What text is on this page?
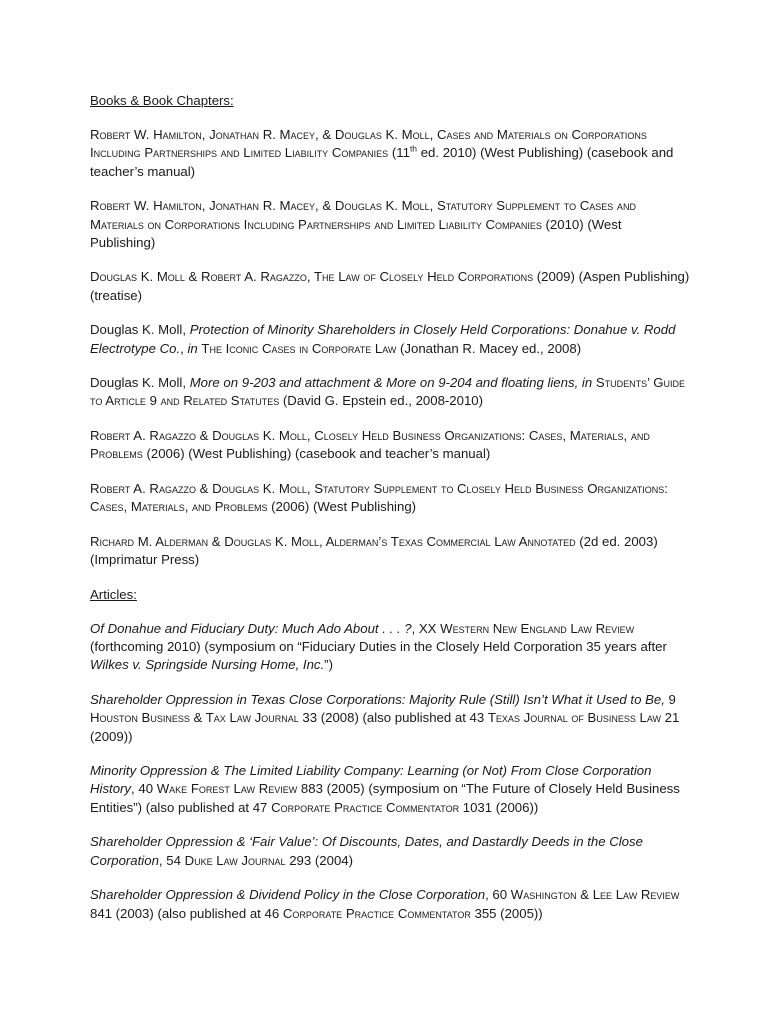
Books & Book Chapters:

Robert W. Hamilton, Jonathan R. Macey, & Douglas K. Moll, Cases and Materials on Corporations Including Partnerships and Limited Liability Companies (11th ed. 2010) (West Publishing) (casebook and teacher’s manual)

Robert W. Hamilton, Jonathan R. Macey, & Douglas K. Moll, Statutory Supplement to Cases and Materials on Corporations Including Partnerships and Limited Liability Companies (2010) (West Publishing)

Douglas K. Moll & Robert A. Ragazzo, The Law of Closely Held Corporations (2009) (Aspen Publishing) (treatise)

Douglas K. Moll, Protection of Minority Shareholders in Closely Held Corporations: Donahue v. Rodd Electrotype Co., in The Iconic Cases in Corporate Law (Jonathan R. Macey ed., 2008)

Douglas K. Moll, More on 9-203 and attachment & More on 9-204 and floating liens, in Students’ Guide to Article 9 and Related Statutes (David G. Epstein ed., 2008-2010)

Robert A. Ragazzo & Douglas K. Moll, Closely Held Business Organizations: Cases, Materials, and Problems (2006) (West Publishing) (casebook and teacher’s manual)

Robert A. Ragazzo & Douglas K. Moll, Statutory Supplement to Closely Held Business Organizations: Cases, Materials, and Problems (2006) (West Publishing)

Richard M. Alderman & Douglas K. Moll, Alderman’s Texas Commercial Law Annotated (2d ed. 2003) (Imprimatur Press)

Articles:

Of Donahue and Fiduciary Duty: Much Ado About . . . ?, XX Western New England Law Review (forthcoming 2010) (symposium on “Fiduciary Duties in the Closely Held Corporation 35 years after Wilkes v. Springside Nursing Home, Inc.”)

Shareholder Oppression in Texas Close Corporations: Majority Rule (Still) Isn’t What it Used to Be, 9 Houston Business & Tax Law Journal 33 (2008) (also published at 43 Texas Journal of Business Law 21 (2009))

Minority Oppression & The Limited Liability Company: Learning (or Not) From Close Corporation History, 40 Wake Forest Law Review 883 (2005) (symposium on “The Future of Closely Held Business Entities”) (also published at 47 Corporate Practice Commentator 1031 (2006))

Shareholder Oppression & ‘Fair Value’: Of Discounts, Dates, and Dastardly Deeds in the Close Corporation, 54 Duke Law Journal 293 (2004)

Shareholder Oppression & Dividend Policy in the Close Corporation, 60 Washington & Lee Law Review 841 (2003) (also published at 46 Corporate Practice Commentator 355 (2005))
